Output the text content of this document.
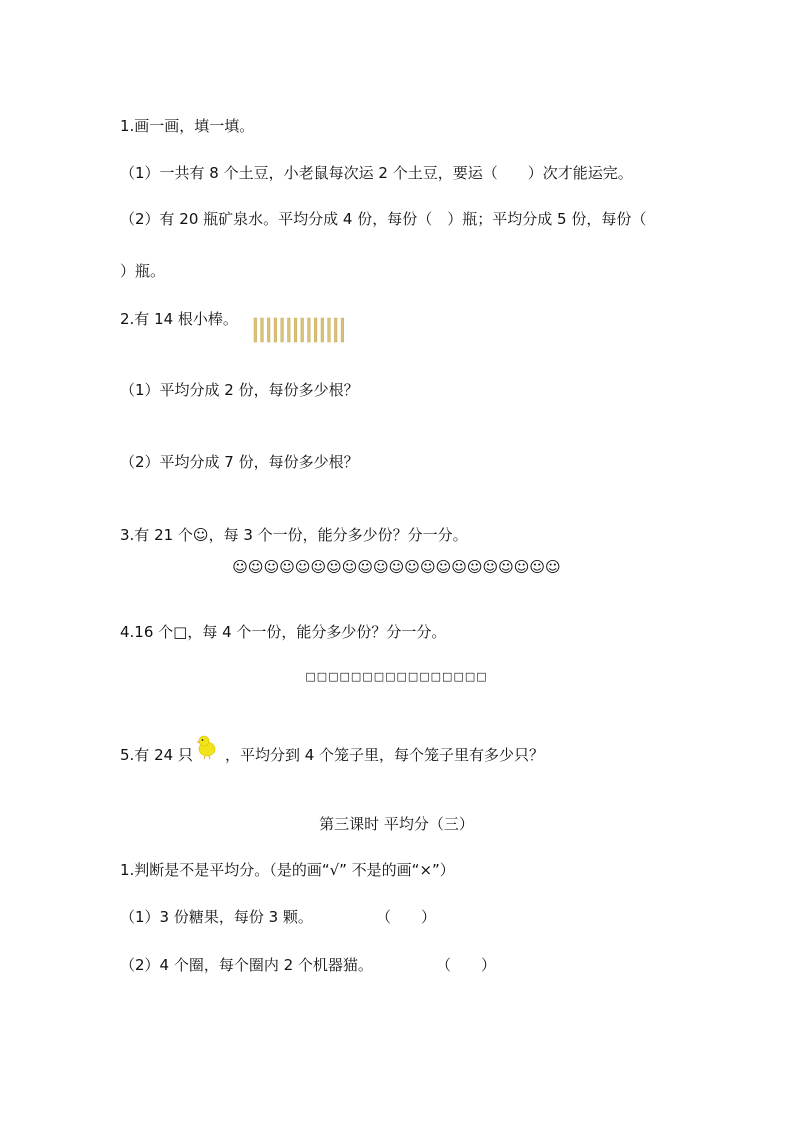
1.画一画，填一填。
（1）一共有 8 个土豆，小老鼠每次运 2 个土豆，要运（　　）次才能运完。
（2）有 20 瓶矿泉水。平均分成 4 份，每份（　）瓶；平均分成 5 份，每份（
）瓶。
2.有 14 根小棒。
（1）平均分成 2 份，每份多少根？
（2）平均分成 7 份，每份多少根？
3.有 21 个☺，每 3 个一份，能分多少份？分一分。
☺☺☺☺☺☺☺☺☺☺☺☺☺☺☺☺☺☺☺☺☺
4.16 个□，每 4 个一份，能分多少份？分一分。
□□□□□□□□□□□□□□□□
5.有 24 只 ，平均分到 4 个笼子里，每个笼子里有多少只？
第三课时 平均分（三）
1.判断是不是平均分。（是的画“√” 不是的画“×”）
（1）3 份糖果，每份 3 颗。	（　　）
（2）4 个圈，每个圈内 2 个机器猫。	（　　）
